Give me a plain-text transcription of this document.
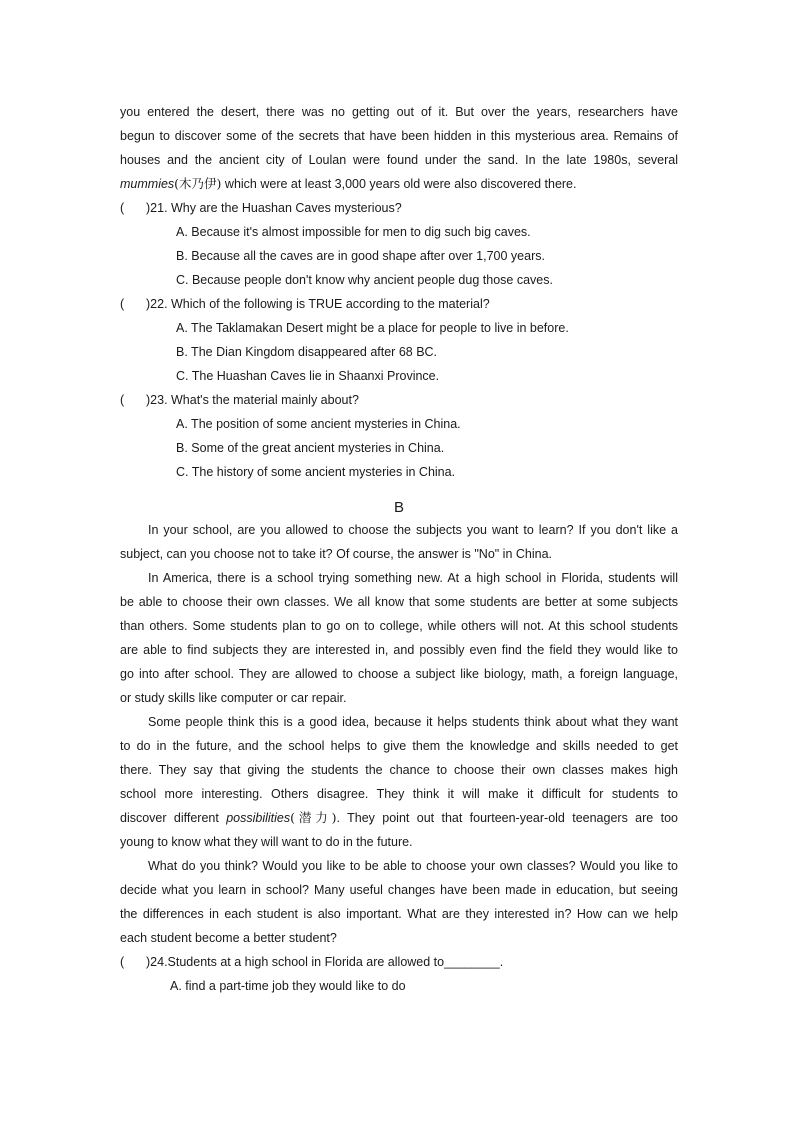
you entered the desert, there was no getting out of it. But over the years, researchers have
begun to discover some of the secrets that have been hidden in this mysterious area. Remains of
houses and the ancient city of Loulan were found under the sand. In the late 1980s, several
mummies(木乃伊) which were at least 3,000 years old were also discovered there.
( )21. Why are the Huashan Caves mysterious?
A. Because it's almost impossible for men to dig such big caves.
B. Because all the caves are in good shape after over 1,700 years.
C. Because people don't know why ancient people dug those caves.
( )22. Which of the following is TRUE according to the material?
A. The Taklamakan Desert might be a place for people to live in before.
B. The Dian Kingdom disappeared after 68 BC.
C. The Huashan Caves lie in Shaanxi Province.
( )23. What's the material mainly about?
A. The position of some ancient mysteries in China.
B. Some of the great ancient mysteries in China.
C. The history of some ancient mysteries in China.
B
In your school, are you allowed to choose the subjects you want to learn? If you don't like a
subject, can you choose not to take it? Of course, the answer is "No" in China.
In America, there is a school trying something new. At a high school in Florida, students will
be able to choose their own classes. We all know that some students are better at some subjects
than others. Some students plan to go on to college, while others will not. At this school students
are able to find subjects they are interested in, and possibly even find the field they would like to
go into after school. They are allowed to choose a subject like biology, math, a foreign language,
or study skills like computer or car repair.
Some people think this is a good idea, because it helps students think about what they want
to do in the future, and the school helps to give them the knowledge and skills needed to get
there. They say that giving the students the chance to choose their own classes makes high
school more interesting. Others disagree. They think it will make it difficult for students to
discover different possibilities(潜力). They point out that fourteen-year-old teenagers are too
young to know what they will want to do in the future.
What do you think? Would you like to be able to choose your own classes? Would you like to
decide what you learn in school? Many useful changes have been made in education, but seeing
the differences in each student is also important. What are they interested in? How can we help
each student become a better student?
( )24.Students at a high school in Florida are allowed to________.
A. find a part-time job they would like to do
